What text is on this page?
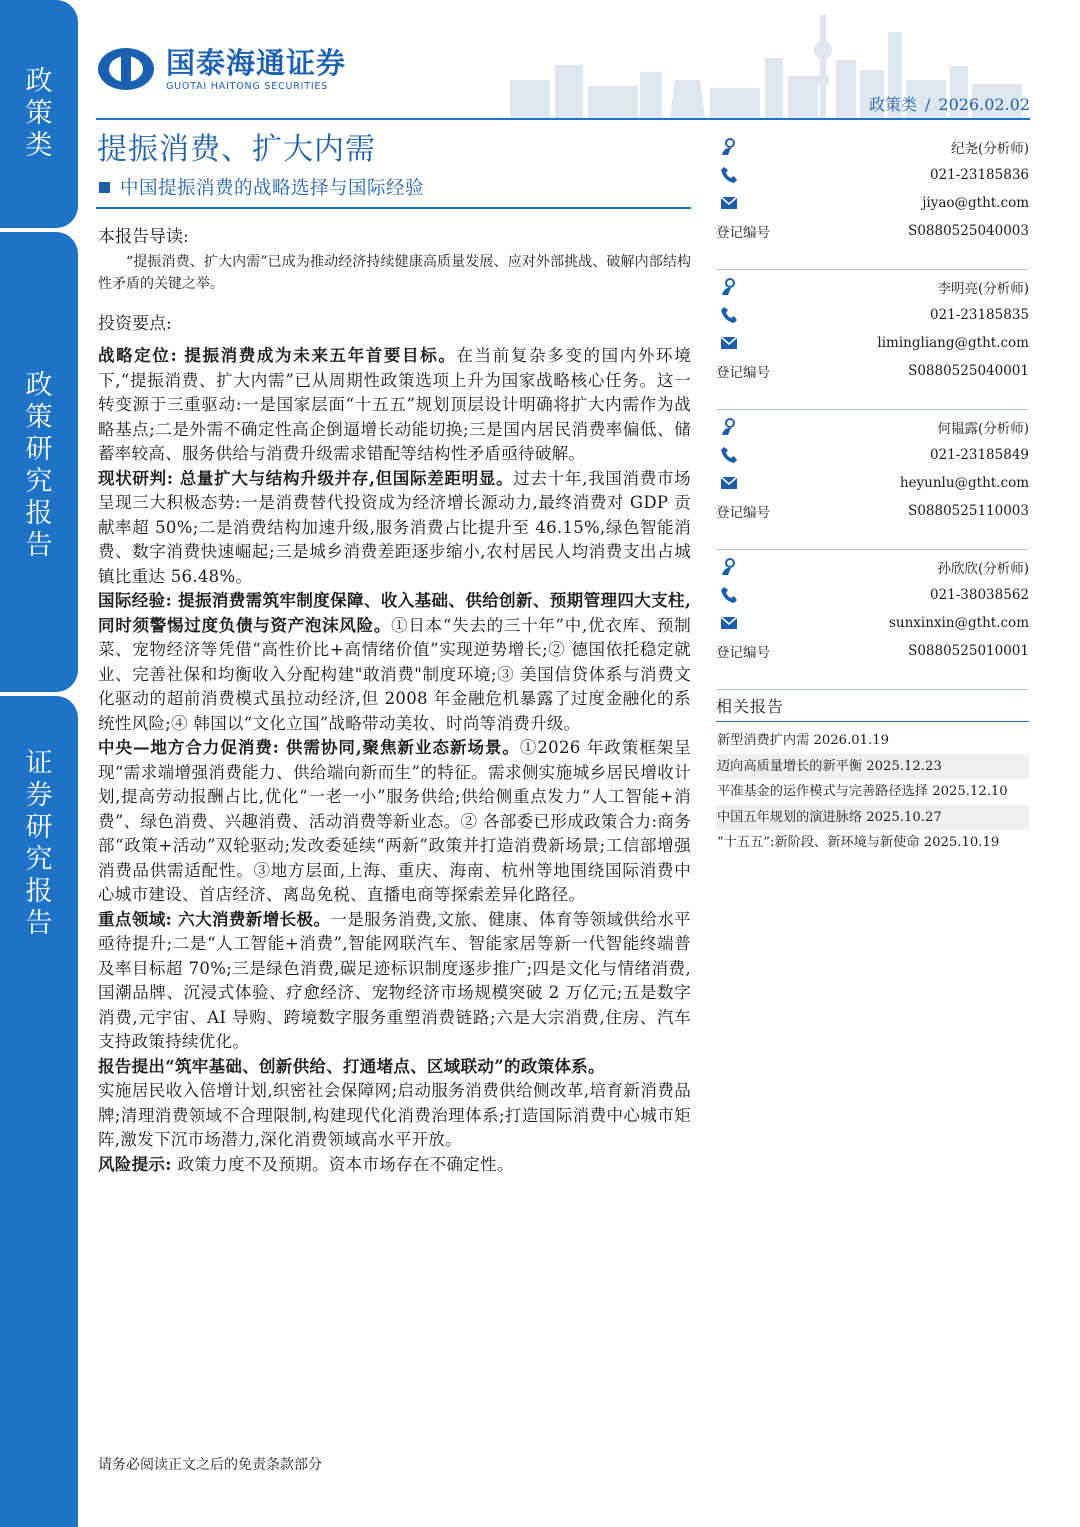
政
策
类
政
策
研
究
报
告
证
券
研
究
报
告
国泰海通证券
GUOTAI HAITONG SECURITIES
政策类 / 2026.02.02
提振消费、扩大内需
中国提振消费的战略选择与国际经验
本报告导读:
“提振消费、扩大内需”已成为推动经济持续健康高质量发展、应对外部挑战、破解内部结构性矛盾的关键之举。
投资要点:
战略定位: 提振消费成为未来五年首要目标。在当前复杂多变的国内外环境下,“提振消费、扩大内需”已从周期性政策选项上升为国家战略核心任务。这一转变源于三重驱动:一是国家层面“十五五”规划顶层设计明确将扩大内需作为战略基点;二是外需不确定性高企倒逼增长动能切换;三是国内居民消费率偏低、储蓄率较高、服务供给与消费升级需求错配等结构性矛盾亟待破解。
现状研判: 总量扩大与结构升级并存,但国际差距明显。过去十年,我国消费市场呈现三大积极态势:一是消费替代投资成为经济增长源动力,最终消费对 GDP 贡献率超 50%;二是消费结构加速升级,服务消费占比提升至 46.15%,绿色智能消费、数字消费快速崛起;三是城乡消费差距逐步缩小,农村居民人均消费支出占城镇比重达 56.48%。
国际经验: 提振消费需筑牢制度保障、收入基础、供给创新、预期管理四大支柱,同时须警惕过度负债与资产泡沫风险。①日本“失去的三十年”中,优衣库、预制菜、宠物经济等凭借“高性价比+高情绪价值”实现逆势增长;② 德国依托稳定就业、完善社保和均衡收入分配构建"敢消费"制度环境;③ 美国信贷体系与消费文化驱动的超前消费模式虽拉动经济,但 2008 年金融危机暴露了过度金融化的系统性风险;④ 韩国以“文化立国”战略带动美妆、时尚等消费升级。
中央—地方合力促消费: 供需协同,聚焦新业态新场景。①2026 年政策框架呈现“需求端增强消费能力、供给端向新而生”的特征。需求侧实施城乡居民增收计划,提高劳动报酬占比,优化“一老一小”服务供给;供给侧重点发力“人工智能+消费”、绿色消费、兴趣消费、活动消费等新业态。② 各部委已形成政策合力:商务部“政策+活动”双轮驱动;发改委延续“两新”政策并打造消费新场景;工信部增强消费品供需适配性。③地方层面,上海、重庆、海南、杭州等地围绕国际消费中心城市建设、首店经济、离岛免税、直播电商等探索差异化路径。
重点领域: 六大消费新增长极。一是服务消费,文旅、健康、体育等领域供给水平亟待提升;二是“人工智能+消费”,智能网联汽车、智能家居等新一代智能终端普及率目标超 70%;三是绿色消费,碳足迹标识制度逐步推广;四是文化与情绪消费,国潮品牌、沉浸式体验、疗愈经济、宠物经济市场规模突破 2 万亿元;五是数字消费,元宇宙、AI 导购、跨境数字服务重塑消费链路;六是大宗消费,住房、汽车支持政策持续优化。
报告提出“筑牢基础、创新供给、打通堵点、区域联动”的政策体系。
实施居民收入倍增计划,织密社会保障网;启动服务消费供给侧改革,培育新消费品牌;清理消费领域不合理限制,构建现代化消费治理体系;打造国际消费中心城市矩阵,激发下沉市场潜力,深化消费领域高水平开放。
风险提示: 政策力度不及预期。资本市场存在不确定性。
请务必阅读正文之后的免责条款部分
纪尧(分析师)
021-23185836
jiyao@gtht.com
登记编号	S0880525040003
李明亮(分析师)
021-23185835
limingliang@gtht.com
登记编号	S0880525040001
何韫露(分析师)
021-23185849
heyunlu@gtht.com
登记编号	S0880525110003
孙欣欣(分析师)
021-38038562
sunxinxin@gtht.com
登记编号	S0880525010001
相关报告
新型消费扩内需 2026.01.19
迈向高质量增长的新平衡 2025.12.23
平准基金的运作模式与完善路径选择 2025.12.10
中国五年规划的演进脉络 2025.10.27
“十五五”:新阶段、新环境与新使命 2025.10.19
